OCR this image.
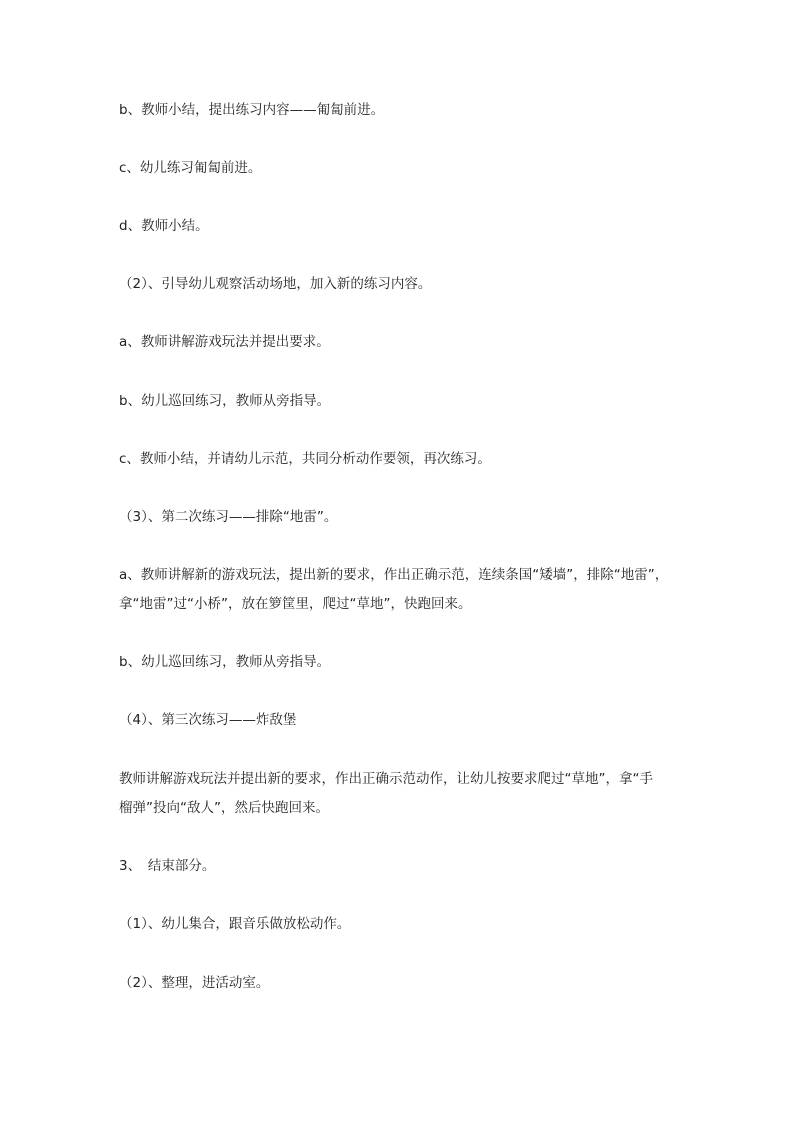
b、教师小结，提出练习内容——匍匐前进。

c、幼儿练习匍匐前进。

d、教师小结。

（2）、引导幼儿观察活动场地，加入新的练习内容。

a、教师讲解游戏玩法并提出要求。

b、幼儿巡回练习，教师从旁指导。

c、教师小结，并请幼儿示范，共同分析动作要领，再次练习。

（3）、第二次练习——排除“地雷”。

a、教师讲解新的游戏玩法，提出新的要求，作出正确示范，连续条国“矮墙”，排除“地雷”，
拿“地雷”过“小桥”，放在箩筐里，爬过“草地”，快跑回来。

b、幼儿巡回练习，教师从旁指导。

（4）、第三次练习——炸敌堡

教师讲解游戏玩法并提出新的要求，作出正确示范动作，让幼儿按要求爬过“草地”，拿“手
榴弹”投向“敌人”，然后快跑回来。

3、　结束部分。

（1）、幼儿集合，跟音乐做放松动作。

（2）、整理，进活动室。
